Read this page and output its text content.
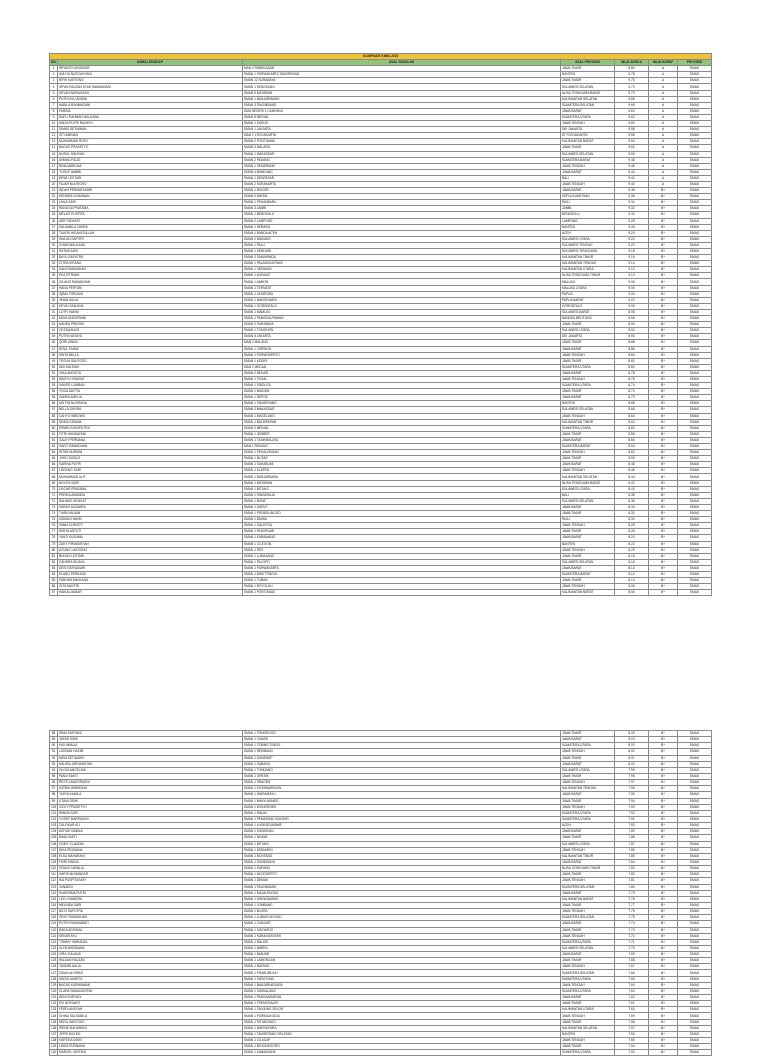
OLIMPIADE KIMIA 2024						
NO	NAMA LENGKAP	ASAL SEKOLAH	ASAL PROVINSI	NILAI ANGKA	NILAI HURUF	PROVINSI
1	IRFANTO LENGNGR	MAN 2 PAMEKASAN	JAWA TIMUR	9.80	A	EMAS
2	AULIYA NURCAHYANI	SMAN 1 PURWAKARTA TANGERANG	BANTEN	9.78	A	EMAS
3	RIFKI KARTONO	SMAN 12 SURABAYA	JAWA TIMUR	9.75	A	EMAS
4	IRFAN FAUZAN SYAH SAMANSARI	SMAN 1 SENGKANG	SULAWESI SELATAN	9.73	A	EMAS
5	DEVAH NURAISYAH	SMAN 5 MATARAM	NUSA TENGGARA BARAT	9.70	A	EMAS
6	PUTRI AYU ANDINI	SMAN 1 BANJARMASIN	KALIMANTAN SELATAN	9.68	A	EMAS
7	NABILA RAHMADANI	SMAN 3 PALEMBANG	SUMATERA SELATAN	9.66	A	EMAS
8	FARIDA	SMA NEGERI 1 CAMPAKA	JAWA BARAT	9.64	A	EMAS
9	RAFLI RAHMAN MAULANA	SMAN 8 MEDAN	SUMATERA UTARA	9.62	A	EMAS
10	ANISA PUTRI RAHAYU	SMAN 1 KUDUS	JAWA TENGAH	9.60	A	EMAS
11	DIMAS SETIAWAN	SMAN 1 JAKARTA	DKI JAKARTA	9.58	A	EMAS
12	SITI AMINAH	MAN 1 YOGYAKARTA	DI YOGYAKARTA	9.56	A	EMAS
13	MUHAMMAD RIZKY	SMAN 2 PONTIANAK	KALIMANTAN BARAT	9.54	A	EMAS
14	BAGUS PRASETYO	SMAN 3 MALANG	JAWA TIMUR	9.52	A	EMAS
15	NURUL HIDAYAH	SMAN 1 MAKASSAR	SULAWESI SELATAN	9.50	A	EMAS
16	AHMAD FAUZI	SMAN 2 PADANG	SUMATERA BARAT	9.48	A	EMAS
17	RINA MARLINA	SMAN 1 SEMARANG	JAWA TENGAH	9.46	A	EMAS
18	YUSUF HABIBI	SMAN 4 BANDUNG	JAWA BARAT	9.44	A	EMAS
19	DEWI LESTARI	SMAN 1 DENPASAR	BALI	9.42	A	EMAS
20	FAJAR NUGROHO	SMAN 2 SURAKARTA	JAWA TENGAH	9.40	A	EMAS
21	INDAH PERMATASARI	SMAN 1 BOGOR	JAWA BARAT	9.38	B+	EMAS
22	HENDRA GUNAWAN	SMAN 5 BATAM	KEPULAUAN RIAU	9.36	B+	EMAS
23	LAILA SARI	SMAN 1 PEKANBARU	RIAU	9.34	B+	EMAS
24	RANGGA PRATAMA	SMAN 3 JAMBI	JAMBI	9.32	B+	EMAS
25	MELATI PUSPITA	SMAN 1 BENGKULU	BENGKULU	9.30	B+	EMAS
26	ARIF HIDAYAT	SMAN 2 LAMPUNG	LAMPUNG	9.28	B+	EMAS
27	SALSABILA ZAHRA	SMAN 1 SERANG	BANTEN	9.26	B+	EMAS
28	TAUFIK HIDAYATULLAH	SMAN 1 BANDA ACEH	ACEH	9.24	B+	EMAS
29	WULAN SAFITRI	SMAN 2 MANADO	SULAWESI UTARA	9.22	B+	EMAS
30	ILHAM MAULANA	SMAN 1 PALU	SULAWESI TENGAH	9.20	B+	EMAS
31	RATNA SARI	SMAN 1 KENDARI	SULAWESI TENGGARA	9.18	B+	EMAS
32	BAYU SAPUTRA	SMAN 3 SAMARINDA	KALIMANTAN TIMUR	9.16	B+	EMAS
33	CITRA KIRANA	SMAN 1 PALANGKA RAYA	KALIMANTAN TENGAH	9.14	B+	EMAS
34	DANI RAMADHAN	SMAN 1 TARAKAN	KALIMANTAN UTARA	9.12	B+	EMAS
35	EKA FITRIANI	SMAN 1 KUPANG	NUSA TENGGARA TIMUR	9.10	B+	EMAS
36	GILANG RAMADHAN	SMAN 1 AMBON	MALUKU	9.08	B+	EMAS
37	HANA PERTIWI	SMAN 1 TERNATE	MALUKU UTARA	9.06	B+	EMAS
38	IQBAL FIRDAUS	SMAN 1 JAYAPURA	PAPUA	9.04	B+	EMAS
39	JIHAN AULIA	SMAN 1 MANOKWARI	PAPUA BARAT	9.02	B+	EMAS
40	KEVIN SANJAYA	SMAN 1 GORONTALO	GORONTALO	9.00	B+	EMAS
41	LUTFI HAKIM	SMAN 1 MAMUJU	SULAWESI BARAT	8.98	B+	EMAS
42	MAYA ANGGRAINI	SMAN 1 PANGKALPINANG	BANGKA BELITUNG	8.96	B+	EMAS
43	NANDA PRATIWI	SMAN 2 SURABAYA	JAWA TIMUR	8.94	B+	EMAS
44	OKTAVIANUS	SMAN 1 TOMOHON	SULAWESI UTARA	8.92	B+	EMAS
45	PUTRA WIJAYA	SMAN 8 JAKARTA	DKI JAKARTA	8.90	B+	EMAS
46	QORI AINUN	MAN 2 MALANG	JAWA TIMUR	8.88	B+	EMAS
47	RIZAL FAHMI	SMAN 1 CIREBON	JAWA BARAT	8.86	B+	EMAS
48	SINTA BELLA	SMAN 1 PURWOKERTO	JAWA TENGAH	8.84	B+	EMAS
49	TEGUH SANTOSO	SMAN 1 KEDIRI	JAWA TIMUR	8.82	B+	EMAS
50	UMI KALSUM	MAN 1 MEDAN	SUMATERA UTARA	8.80	B+	EMAS
51	VINA ANGGITA	SMAN 2 BEKASI	JAWA BARAT	8.78	B+	EMAS
52	WAHYU HIDAYAT	SMAN 1 TEGAL	JAWA TENGAH	8.76	B+	EMAS
53	XAVIER LUMBAN	SMAN 1 SIBOLGA	SUMATERA UTARA	8.74	B+	EMAS
54	YOGA ADITYA	SMAN 1 MADIUN	JAWA TIMUR	8.72	B+	EMAS
55	ZAHRA AMELIA	SMAN 1 DEPOK	JAWA BARAT	8.70	B+	EMAS
56	ADITYA NUGRAHA	SMAN 1 TANGERANG	BANTEN	8.68	B+	EMAS
57	BELLA SAFIRA	SMAN 3 MAKASSAR	SULAWESI SELATAN	8.66	B+	EMAS
58	CAHYO WIBOWO	SMAN 1 MAGELANG	JAWA TENGAH	8.64	B+	EMAS
59	DINDA KIRANA	SMAN 1 BALIKPAPAN	KALIMANTAN TIMUR	8.62	B+	EMAS
60	ERWIN SYAHPUTRA	SMAN 2 MEDAN	SUMATERA UTARA	8.60	B+	EMAS
61	FITRI HANDAYANI	SMAN 1 JEMBER	JAWA TIMUR	8.58	B+	EMAS
62	GALIH PERMANA	SMAN 1 TASIKMALAYA	JAWA BARAT	8.56	B+	EMAS
63	HAFIZ RAMADHAN	MAN 1 PADANG	SUMATERA BARAT	8.54	B+	EMAS
64	INTAN NURAINI	SMAN 1 PEKALONGAN	JAWA TENGAH	8.52	B+	EMAS
65	JOKO SUSILO	SMAN 1 BLITAR	JAWA TIMUR	8.50	B+	EMAS
66	KARINA PUTRI	SMAN 1 SUKABUMI	JAWA BARAT	8.48	B+	EMAS
67	LINTANG SARI	SMAN 1 KLATEN	JAWA TENGAH	8.46	B+	EMAS
68	MUHAMMAD ALIF	SMAN 1 BANJARBARU	KALIMANTAN SELATAN	8.44	B+	EMAS
69	NOVITA SARI	SMAN 1 MATARAM	NUSA TENGGARA BARAT	8.42	B+	EMAS
70	OSCAR PRATAMA	SMAN 1 BITUNG	SULAWESI UTARA	8.40	B+	EMAS
71	PRISKA AMANDA	SMAN 1 SINGARAJA	BALI	8.38	B+	EMAS
72	RAHMAT HIDAYAT	SMAN 1 BONE	SULAWESI SELATAN	8.36	B+	EMAS
73	SARAH AZZAHRA	SMAN 1 GARUT	JAWA BARAT	8.34	B+	EMAS
74	TIARA ANJANI	SMAN 1 PROBOLINGGO	JAWA TIMUR	8.32	B+	EMAS
75	USMAN HAKIM	SMAN 1 DUMAI	RIAU	8.30	B+	EMAS
76	VANIA CHRISTY	SMAN 1 SALATIGA	JAWA TENGAH	8.28	B+	EMAS
77	WIDYA ASTUTI	SMAN 1 PASURUAN	JAWA TIMUR	8.26	B+	EMAS
78	YANTI KUSUMA	SMAN 1 KARAWANG	JAWA BARAT	8.24	B+	EMAS
79	ZAKY FIRMANSYAH	SMAN 1 CILEGON	BANTEN	8.22	B+	EMAS
80	AGUNG LAKSONO	SMAN 1 PATI	JAWA TENGAH	8.20	B+	EMAS
81	BUNGA LESTARI	SMAN 1 LUMAJANG	JAWA TIMUR	8.18	B+	EMAS
82	CANDRA WIJAYA	SMAN 1 PALOPO	SULAWESI SELATAN	8.16	B+	EMAS
83	DESI RATNASARI	SMAN 1 PURWAKARTA	JAWA BARAT	8.14	B+	EMAS
84	ELANG PERKASA	SMAN 1 BUKITTINGGI	SUMATERA BARAT	8.12	B+	EMAS
85	FARHAN MAULANA	SMAN 1 TUBAN	JAWA TIMUR	8.10	B+	EMAS
86	GITA SAVITRI	SMAN 1 BOYOLALI	JAWA TENGAH	8.08	B+	EMAS
87	HAIKAL AKBAR	SMAN 1 PONTIANAK	KALIMANTAN BARAT	8.06	B+	EMAS
88	IRMA SURYANI	SMAN 1 PONOROGO	JAWA TIMUR	8.05	B+	EMAS
89	JAFAR SIDIK	SMAN 1 CIAMIS	JAWA BARAT	8.04	B+	EMAS
90	KIKI AMALIA	SMAN 1 TEBING TINGGI	SUMATERA UTARA	8.03	B+	EMAS
91	LUKMAN HAKIM	SMAN 1 REMBANG	JAWA TENGAH	8.02	B+	EMAS
92	MIRA SETIAWATI	SMAN 1 SUMENEP	JAWA TIMUR	8.01	B+	EMAS
93	NAUFAL ARDIANSYAH	SMAN 1 SUBANG	JAWA BARAT	8.00	B+	EMAS
94	OLIVIA ANGELINA	SMAN 1 TONDANO	SULAWESI UTARA	7.99	B+	EMAS
95	PANJI SAKTI	SMAN 1 GRESIK	JAWA TIMUR	7.98	B+	EMAS
96	RESTU ANGGRAENI	SMAN 1 SRAGEN	JAWA TENGAH	7.97	B+	EMAS
97	SATRIA WIBISONO	SMAN 1 KOTAWARINGIN	KALIMANTAN TENGAH	7.96	B+	EMAS
98	TASYA KAMILA	SMAN 1 INDRAMAYU	JAWA BARAT	7.95	B+	EMAS
99	UTAMI DEWI	SMAN 1 BANYUWANGI	JAWA TIMUR	7.94	B+	EMAS
100	VICKY PRASETYO	SMAN 1 WONOSOBO	JAWA TENGAH	7.93	B+	EMAS
101	WINDA SARI	SMAN 1 BINJAI	SUMATERA UTARA	7.92	B+	EMAS
102	YOSEF MARPAUNG	SMAN 1 PEMATANG SIANTAR	SUMATERA UTARA	7.91	B+	EMAS
103	ZULFIKAR ALI	SMAN 1 LHOKSEUMAWE	ACEH	7.90	B+	EMAS
104	AISYAH NABILA	SMAN 1 KUNINGAN	JAWA BARAT	7.89	B+	EMAS
105	BIMA SAKTI	SMAN 1 NGAWI	JAWA TIMUR	7.88	B+	EMAS
106	CINDY CLAUDIA	SMAN 1 BITUNG	SULAWESI UTARA	7.87	B+	EMAS
107	DIKA PRADANA	SMAN 1 KEBUMEN	JAWA TENGAH	7.86	B+	EMAS
108	ELSA MAHARANI	SMAN 1 BONTANG	KALIMANTAN TIMUR	7.85	B+	EMAS
109	FIKRI HAIKAL	SMAN 1 SUMEDANG	JAWA BARAT	7.84	B+	EMAS
110	GRACE NATALIA	SMAN 1 KUPANG	NUSA TENGGARA TIMUR	7.83	B+	EMAS
111	HARIS MUNANDAR	SMAN 1 MOJOKERTO	JAWA TIMUR	7.82	B+	EMAS
112	IKA PUSPITASARI	SMAN 1 DEMAK	JAWA TENGAH	7.81	B+	EMAS
113	JUNAEDI	SMAN 1 PALEMBANG	SUMATERA SELATAN	7.80	B+	EMAS
114	KHARISMA PUTRI	SMAN 1 MAJALENGKA	JAWA BARAT	7.79	B+	EMAS
115	LEO CHANDRA	SMAN 1 SINGKAWANG	KALIMANTAN BARAT	7.78	B+	EMAS
116	MELINDA SARI	SMAN 1 JOMBANG	JAWA TIMUR	7.77	B+	EMAS
117	NICO SAPUTRA	SMAN 1 BLORA	JAWA TENGAH	7.76	B+	EMAS
118	OKKY RAMADHAN	SMAN 1 LUBUKLINGGAU	SUMATERA SELATAN	7.75	B+	EMAS
119	PUTRI RAHMAWATI	SMAN 1 CIANJUR	JAWA BARAT	7.74	B+	EMAS
120	RAKA ADITAMA	SMAN 1 SIDOARJO	JAWA TIMUR	7.73	B+	EMAS
121	SEKAR AYU	SMAN 1 KARANGANYAR	JAWA TENGAH	7.72	B+	EMAS
122	TOMMY HARIANJA	SMAN 1 BALIGE	SUMATERA UTARA	7.71	B+	EMAS
123	ULFA MARDIANA	SMAN 1 BARRU	SULAWESI SELATAN	7.70	B+	EMAS
124	VIRA YULIANA	SMAN 1 BANJAR	JAWA BARAT	7.69	B+	EMAS
125	WILDAN FAUZAN	SMAN 1 LAMONGAN	JAWA TIMUR	7.68	B+	EMAS
126	YASMIN AULIA	SMAN 1 BATANG	JAWA TENGAH	7.67	B+	EMAS
127	ZIDAN ALFARIZI	SMAN 1 PRABUMULIH	SUMATERA SELATAN	7.66	B+	EMAS
128	ANGGI MARITO	SMAN 1 TARUTUNG	SUMATERA UTARA	7.65	B+	EMAS
129	BAGAS KURNIAWAN	SMAN 1 BANJARNEGARA	JAWA TENGAH	7.64	B+	EMAS
130	CLARA SIMANJUNTAK	SMAN 1 SIDIKALANG	SUMATERA UTARA	7.63	B+	EMAS
131	DENI SURYADI	SMAN 1 PANGANDARAN	JAWA BARAT	7.62	B+	EMAS
132	EVI NOVIANTI	SMAN 1 TRENGGALEK	JAWA TIMUR	7.61	B+	EMAS
133	FERDI ANSYAH	SMAN 1 TANJUNG SELOR	KALIMANTAN UTARA	7.60	B+	EMAS
134	GHINA SALSABILA	SMAN 1 PURBALINGGA	JAWA TENGAH	7.59	B+	EMAS
135	HERU SANTOSO	SMAN 1 SITUBONDO	JAWA TIMUR	7.58	B+	EMAS
136	IRENE MAHARANI	SMAN 1 MARTAPURA	KALIMANTAN SELATAN	7.57	B+	EMAS
137	JEFRI NICHOL	SMAN 1 TANGERANG SELATAN	BANTEN	7.56	B+	EMAS
138	KARTIKA DEWI	SMAN 1 CILACAP	JAWA TENGAH	7.55	B+	EMAS
139	LINDA PURNAMA	SMAN 1 BOJONEGORO	JAWA TIMUR	7.54	B+	EMAS
140	MARCEL GINTING	SMAN 1 KABANJAHE	SUMATERA UTARA	7.53	B+	EMAS
